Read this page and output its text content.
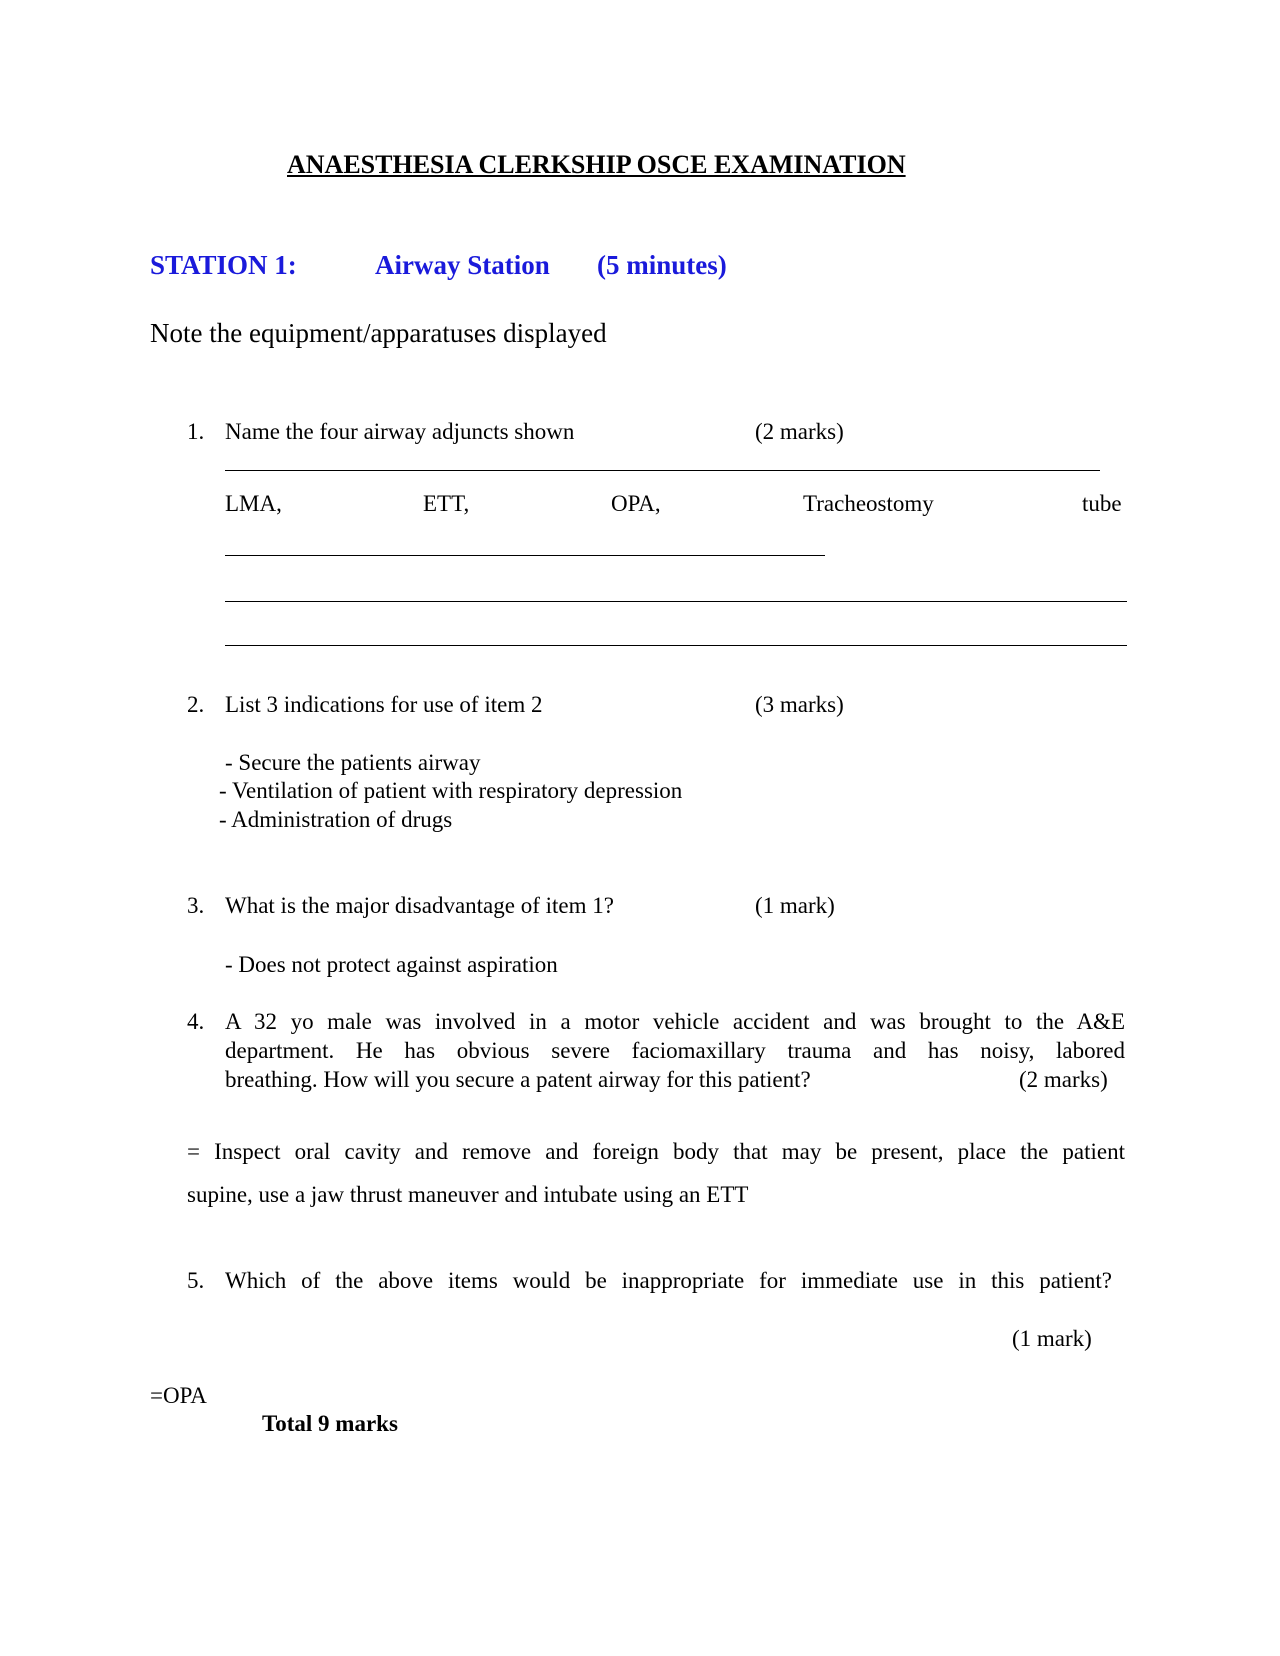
ANAESTHESIA CLERKSHIP OSCE EXAMINATION
STATION 1:	Airway Station (5 minutes)
Note the equipment/apparatuses displayed
1. Name the four airway adjuncts shown	(2 marks)
LMA,	ETT,	OPA,	Tracheostomy	tube
2. List 3 indications for use of item 2	(3 marks)
- Secure the patients airway
- Ventilation of patient with respiratory depression
- Administration of drugs
3. What is the major disadvantage of item 1?	(1 mark)
- Does not protect against aspiration
4. A 32 yo male was involved in a motor vehicle accident and was brought to the A&E
department. He has obvious severe faciomaxillary trauma and has noisy, labored
breathing. How will you secure a patent airway for this patient?	(2 marks)
= Inspect oral cavity and remove and foreign body that may be present, place the patient
supine, use a jaw thrust maneuver and intubate using an ETT
5. Which of the above items would be inappropriate for immediate use in this patient?
(1 mark)
=OPA
Total 9 marks
